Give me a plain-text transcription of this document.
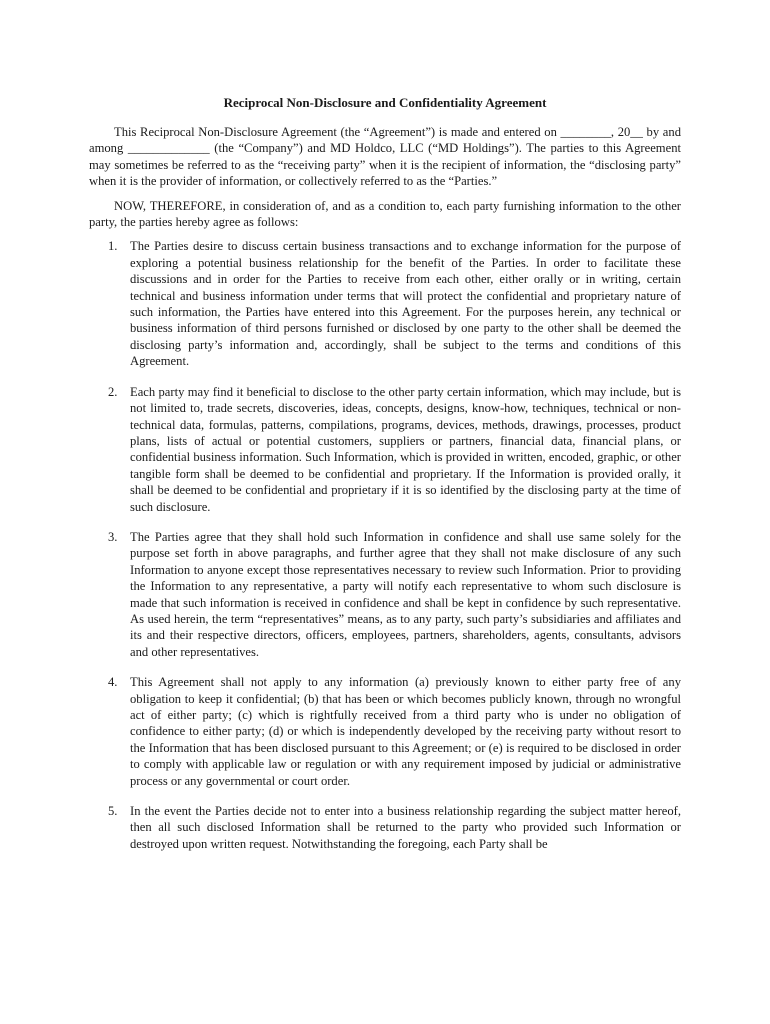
Reciprocal Non-Disclosure and Confidentiality Agreement

This Reciprocal Non-Disclosure Agreement (the “Agreement”) is made and entered on ________, 20__ by and among _____________ (the “Company”) and MD Holdco, LLC (“MD Holdings”). The parties to this Agreement may sometimes be referred to as the “receiving party” when it is the recipient of information, the “disclosing party” when it is the provider of information, or collectively referred to as the “Parties.”

NOW, THEREFORE, in consideration of, and as a condition to, each party furnishing information to the other party, the parties hereby agree as follows:

1. The Parties desire to discuss certain business transactions and to exchange information for the purpose of exploring a potential business relationship for the benefit of the Parties. In order to facilitate these discussions and in order for the Parties to receive from each other, either orally or in writing, certain technical and business information under terms that will protect the confidential and proprietary nature of such information, the Parties have entered into this Agreement. For the purposes herein, any technical or business information of third persons furnished or disclosed by one party to the other shall be deemed the disclosing party’s information and, accordingly, shall be subject to the terms and conditions of this Agreement.
2. Each party may find it beneficial to disclose to the other party certain information, which may include, but is not limited to, trade secrets, discoveries, ideas, concepts, designs, know-how, techniques, technical or non-technical data, formulas, patterns, compilations, programs, devices, methods, drawings, processes, product plans, lists of actual or potential customers, suppliers or partners, financial data, financial plans, or confidential business information. Such Information, which is provided in written, encoded, graphic, or other tangible form shall be deemed to be confidential and proprietary. If the Information is provided orally, it shall be deemed to be confidential and proprietary if it is so identified by the disclosing party at the time of such disclosure.
3. The Parties agree that they shall hold such Information in confidence and shall use same solely for the purpose set forth in above paragraphs, and further agree that they shall not make disclosure of any such Information to anyone except those representatives necessary to review such Information. Prior to providing the Information to any representative, a party will notify each representative to whom such disclosure is made that such information is received in confidence and shall be kept in confidence by such representative. As used herein, the term “representatives” means, as to any party, such party’s subsidiaries and affiliates and its and their respective directors, officers, employees, partners, shareholders, agents, consultants, advisors and other representatives.
4. This Agreement shall not apply to any information (a) previously known to either party free of any obligation to keep it confidential; (b) that has been or which becomes publicly known, through no wrongful act of either party; (c) which is rightfully received from a third party who is under no obligation of confidence to either party; (d) or which is independently developed by the receiving party without resort to the Information that has been disclosed pursuant to this Agreement; or (e) is required to be disclosed in order to comply with applicable law or regulation or with any requirement imposed by judicial or administrative process or any governmental or court order.
5. In the event the Parties decide not to enter into a business relationship regarding the subject matter hereof, then all such disclosed Information shall be returned to the party who provided such Information or destroyed upon written request. Notwithstanding the foregoing, each Party shall be
